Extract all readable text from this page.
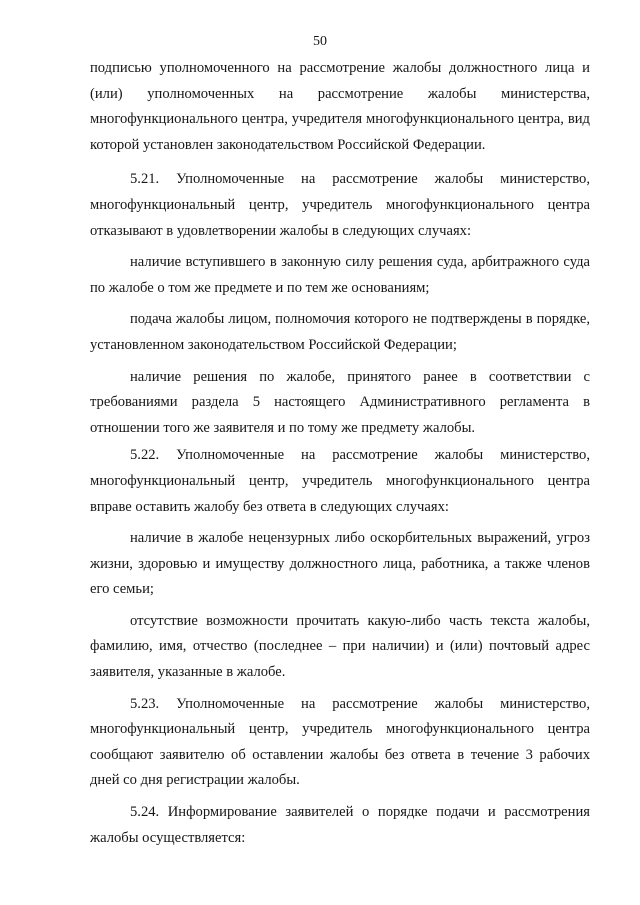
50

подписью уполномоченного на рассмотрение жалобы должностного лица и (или) уполномоченных на рассмотрение жалобы министерства, многофункционального центра, учредителя многофункционального центра, вид которой установлен законодательством Российской Федерации.

5.21. Уполномоченные на рассмотрение жалобы министерство, многофункциональный центр, учредитель многофункционального центра отказывают в удовлетворении жалобы в следующих случаях:

наличие вступившего в законную силу решения суда, арбитражного суда по жалобе о том же предмете и по тем же основаниям;

подача жалобы лицом, полномочия которого не подтверждены в порядке, установленном законодательством Российской Федерации;

наличие решения по жалобе, принятого ранее в соответствии с требованиями раздела 5 настоящего Административного регламента в отношении того же заявителя и по тому же предмету жалобы.

5.22. Уполномоченные на рассмотрение жалобы министерство, многофункциональный центр, учредитель многофункционального центра вправе оставить жалобу без ответа в следующих случаях:

наличие в жалобе нецензурных либо оскорбительных выражений, угроз жизни, здоровью и имуществу должностного лица, работника, а также членов его семьи;

отсутствие возможности прочитать какую-либо часть текста жалобы, фамилию, имя, отчество (последнее – при наличии) и (или) почтовый адрес заявителя, указанные в жалобе.

5.23. Уполномоченные на рассмотрение жалобы министерство, многофункциональный центр, учредитель многофункционального центра сообщают заявителю об оставлении жалобы без ответа в течение 3 рабочих дней со дня регистрации жалобы.

5.24. Информирование заявителей о порядке подачи и рассмотрения жалобы осуществляется:
